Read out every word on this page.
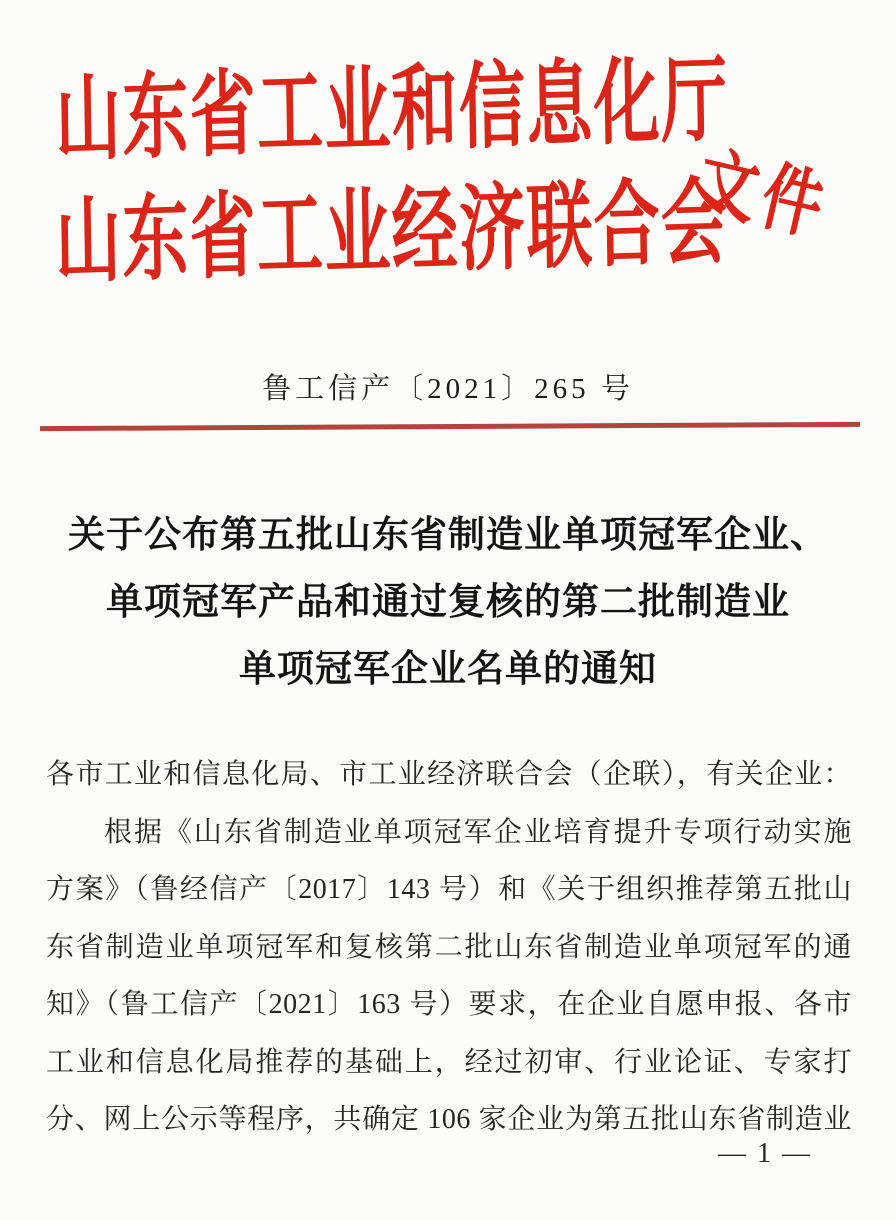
山东省工业和信息化厅
山东省工业经济联合会
文件
鲁工信产〔2021〕265 号
关于公布第五批山东省制造业单项冠军企业、
单项冠军产品和通过复核的第二批制造业
单项冠军企业名单的通知
各市工业和信息化局、市工业经济联合会（企联），有关企业：
根据《山东省制造业单项冠军企业培育提升专项行动实施
方案》（鲁经信产〔2017〕143 号）和《关于组织推荐第五批山
东省制造业单项冠军和复核第二批山东省制造业单项冠军的通
知》（鲁工信产〔2021〕163 号）要求，在企业自愿申报、各市
工业和信息化局推荐的基础上，经过初审、行业论证、专家打
分、网上公示等程序，共确定 106 家企业为第五批山东省制造业
— 1 —
